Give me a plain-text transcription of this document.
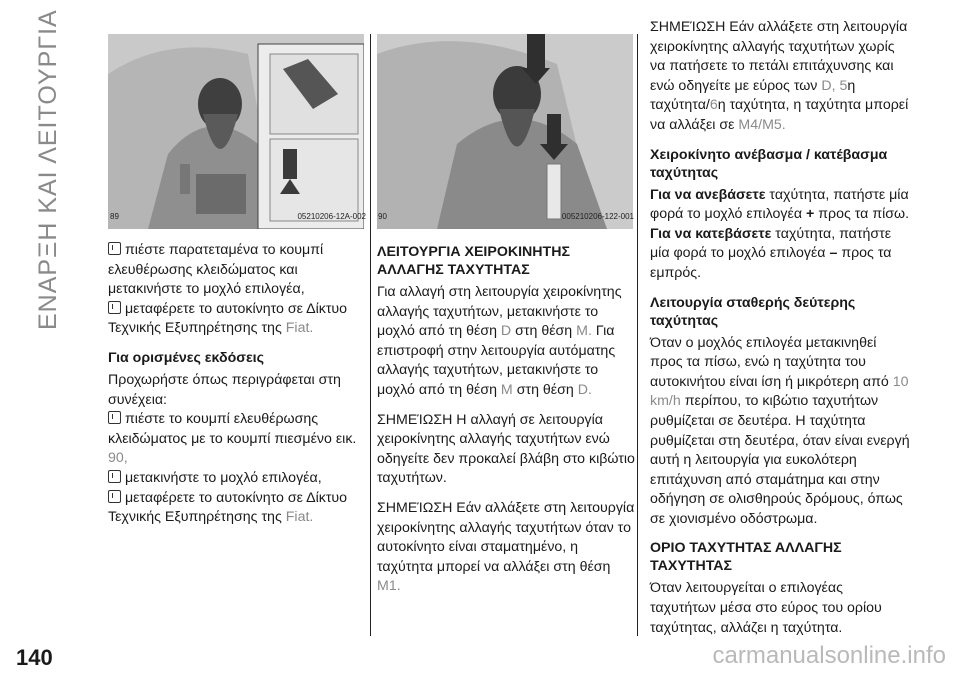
ΕΝΑΡΞΗ ΚΑΙ ΛΕΙΤΟΥΡΓΙΑ	89	05210206-12A-002 90	005210206-122-001

πιέστε παρατεταμένα το κουμπί ελευθέρωσης κλειδώματος και μετακινήστε το μοχλό επιλογέα,
μεταφέρετε το αυτοκίνητο σε Δίκτυο Τεχνικής Εξυπηρέτησης της Fiat.

Για ορισμένες εκδόσεις

Προχωρήστε όπως περιγράφεται στη συνέχεια:
πιέστε το κουμπί ελευθέρωσης κλειδώματος με το κουμπί πιεσμένο εικ. 90,
μετακινήστε το μοχλό επιλογέα,
μεταφέρετε το αυτοκίνητο σε Δίκτυο Τεχνικής Εξυπηρέτησης της Fiat.

ΛΕΙΤΟΥΡΓΙΑ ΧΕΙΡΟΚΙΝΗΤΗΣ ΑΛΛΑΓΗΣ ΤΑΧΥΤΗΤΑΣ

Για αλλαγή στη λειτουργία χειροκίνητης αλλαγής ταχυτήτων, μετακινήστε το μοχλό από τη θέση D στη θέση M. Για επιστροφή στην λειτουργία αυτόματης αλλαγής ταχυτήτων, μετακινήστε το μοχλό από τη θέση M στη θέση D.

ΣΗΜΕΊΩΣΗ Η αλλαγή σε λειτουργία χειροκίνητης αλλαγής ταχυτήτων ενώ οδηγείτε δεν προκαλεί βλάβη στο κιβώτιο ταχυτήτων.

ΣΗΜΕΊΩΣΗ Εάν αλλάξετε στη λειτουργία χειροκίνητης αλλαγής ταχυτήτων όταν το αυτοκίνητο είναι σταματημένο, η ταχύτητα μπορεί να αλλάξει στη θέση M1.

ΣΗΜΕΊΩΣΗ Εάν αλλάξετε στη λειτουργία χειροκίνητης αλλαγής ταχυτήτων χωρίς να πατήσετε το πετάλι επιτάχυνσης και ενώ οδηγείτε με εύρος των D, 5η ταχύτητα/6η ταχύτητα, η ταχύτητα μπορεί να αλλάξει σε M4/M5.

Χειροκίνητο ανέβασμα / κατέβασμα ταχύτητας

Για να ανεβάσετε ταχύτητα, πατήστε μία φορά το μοχλό επιλογέα + προς τα πίσω. Για να κατεβάσετε ταχύτητα, πατήστε μία φορά το μοχλό επιλογέα – προς τα εμπρός.

Λειτουργία σταθερής δεύτερης ταχύτητας

Όταν ο μοχλός επιλογέα μετακινηθεί προς τα πίσω, ενώ η ταχύτητα του αυτοκινήτου είναι ίση ή μικρότερη από 10 km/h περίπου, το κιβώτιο ταχυτήτων ρυθμίζεται σε δευτέρα. Η ταχύτητα ρυθμίζεται στη δευτέρα, όταν είναι ενεργή αυτή η λειτουργία για ευκολότερη επιτάχυνση από σταμάτημα και στην οδήγηση σε ολισθηρούς δρόμους, όπως σε χιονισμένο οδόστρωμα.

ΟΡΙΟ ΤΑΧΥΤΗΤΑΣ ΑΛΛΑΓΗΣ ΤΑΧΥΤΗΤΑΣ

Όταν λειτουργείται ο επιλογέας ταχυτήτων μέσα στο εύρος του ορίου ταχύτητας, αλλάζει η ταχύτητα.

140	carmanualsonline.info
